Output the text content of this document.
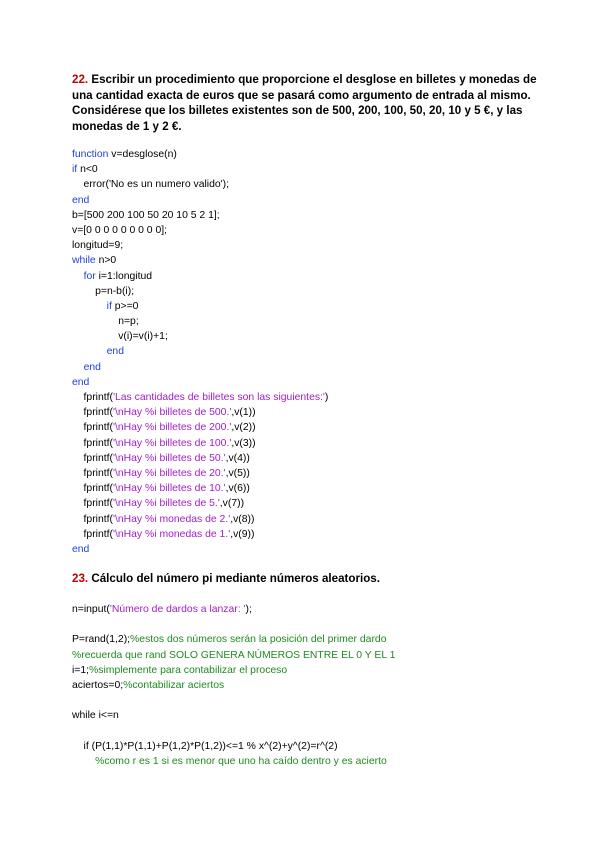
22. Escribir un procedimiento que proporcione el desglose en billetes y monedas de una cantidad exacta de euros que se pasará como argumento de entrada al mismo. Considérese que los billetes existentes son de 500, 200, 100, 50, 20, 10 y 5 €, y las monedas de 1 y 2 €.

function v=desglose(n)
if n<0
error('No es un numero valido');
end
b=[500 200 100 50 20 10 5 2 1];
v=[0 0 0 0 0 0 0 0 0];
longitud=9;
while n>0
for i=1:longitud
p=n-b(i);
if p>=0
n=p;
v(i)=v(i)+1;
end
end
end
fprintf('Las cantidades de billetes son las siguientes:')
fprintf('\nHay %i billetes de 500.',v(1))
fprintf('\nHay %i billetes de 200.',v(2))
fprintf('\nHay %i billetes de 100.',v(3))
fprintf('\nHay %i billetes de 50.',v(4))
fprintf('\nHay %i billetes de 20.',v(5))
fprintf('\nHay %i billetes de 10.',v(6))
fprintf('\nHay %i billetes de 5.',v(7))
fprintf('\nHay %i monedas de 2.',v(8))
fprintf('\nHay %i monedas de 1.',v(9))
end

23. Cálculo del número pi mediante números aleatorios.

n=input('Número de dardos a lanzar: ');
P=rand(1,2);%estos dos números serán la posición del primer dardo
%recuerda que rand SOLO GENERA NÚMEROS ENTRE EL 0 Y EL 1
i=1;%simplemente para contabilizar el proceso
aciertos=0;%contabilizar aciertos
while i<=n
if (P(1,1)*P(1,1)+P(1,2)*P(1,2))<=1 % x^(2)+y^(2)=r^(2)
%como r es 1 si es menor que uno ha caído dentro y es acierto
